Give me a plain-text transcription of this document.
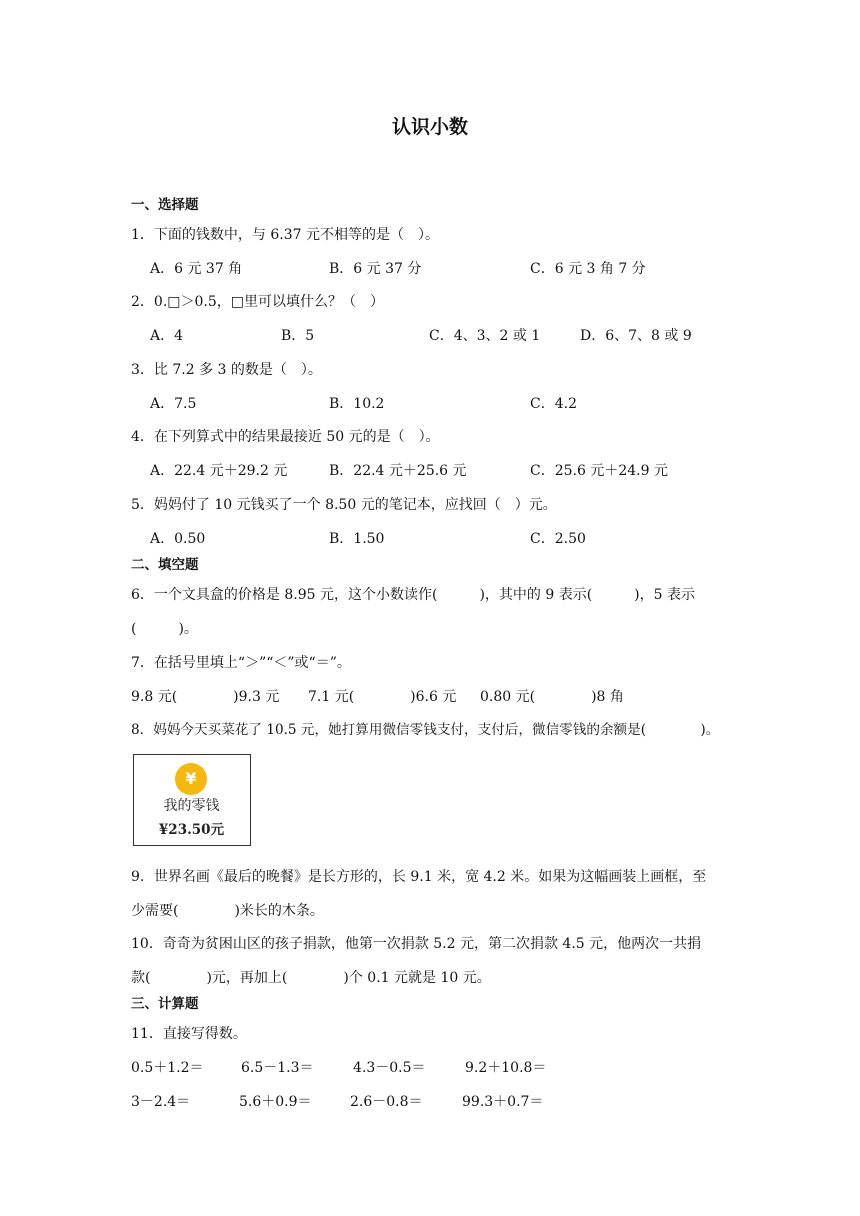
认识小数
一、选择题
1．下面的钱数中，与 6.37 元不相等的是（　）。
A．6 元 37 角	B．6 元 37 分	C．6 元 3 角 7 分
2．0.□＞0.5，□里可以填什么？（　）
A．4	B．5	C．4、3、2 或 1	D．6、7、8 或 9
3．比 7.2 多 3 的数是（　）。
A．7.5	B．10.2	C．4.2
4．在下列算式中的结果最接近 50 元的是（　）。
A．22.4 元＋29.2 元	B．22.4 元＋25.6 元	C．25.6 元＋24.9 元
5．妈妈付了 10 元钱买了一个 8.50 元的笔记本，应找回（　）元。
A．0.50	B．1.50	C．2.50
二、填空题
6．一个文具盒的价格是 8.95 元，这个小数读作(　　　)，其中的 9 表示(　　　)，5 表示
(　　　)。
7．在括号里填上“＞”“＜”或“＝”。
9.8 元(　　　　)9.3 元 7.1 元(　　　　)6.6 元 0.80 元(　　　　)8 角
8．妈妈今天买菜花了 10.5 元，她打算用微信零钱支付，支付后，微信零钱的余额是(　　　　)。
¥
我的零钱
¥23.50元
9．世界名画《最后的晚餐》是长方形的，长 9.1 米，宽 4.2 米。如果为这幅画装上画框，至
少需要(　　　　)米长的木条。
10．奇奇为贫困山区的孩子捐款，他第一次捐款 5.2 元，第二次捐款 4.5 元，他两次一共捐
款(　　　　)元，再加上(　　　　)个 0.1 元就是 10 元。
三、计算题
11．直接写得数。
0.5＋1.2＝	6.5－1.3＝	4.3－0.5＝	9.2＋10.8＝
3－2.4＝	5.6＋0.9＝	2.6－0.8＝	99.3＋0.7＝
